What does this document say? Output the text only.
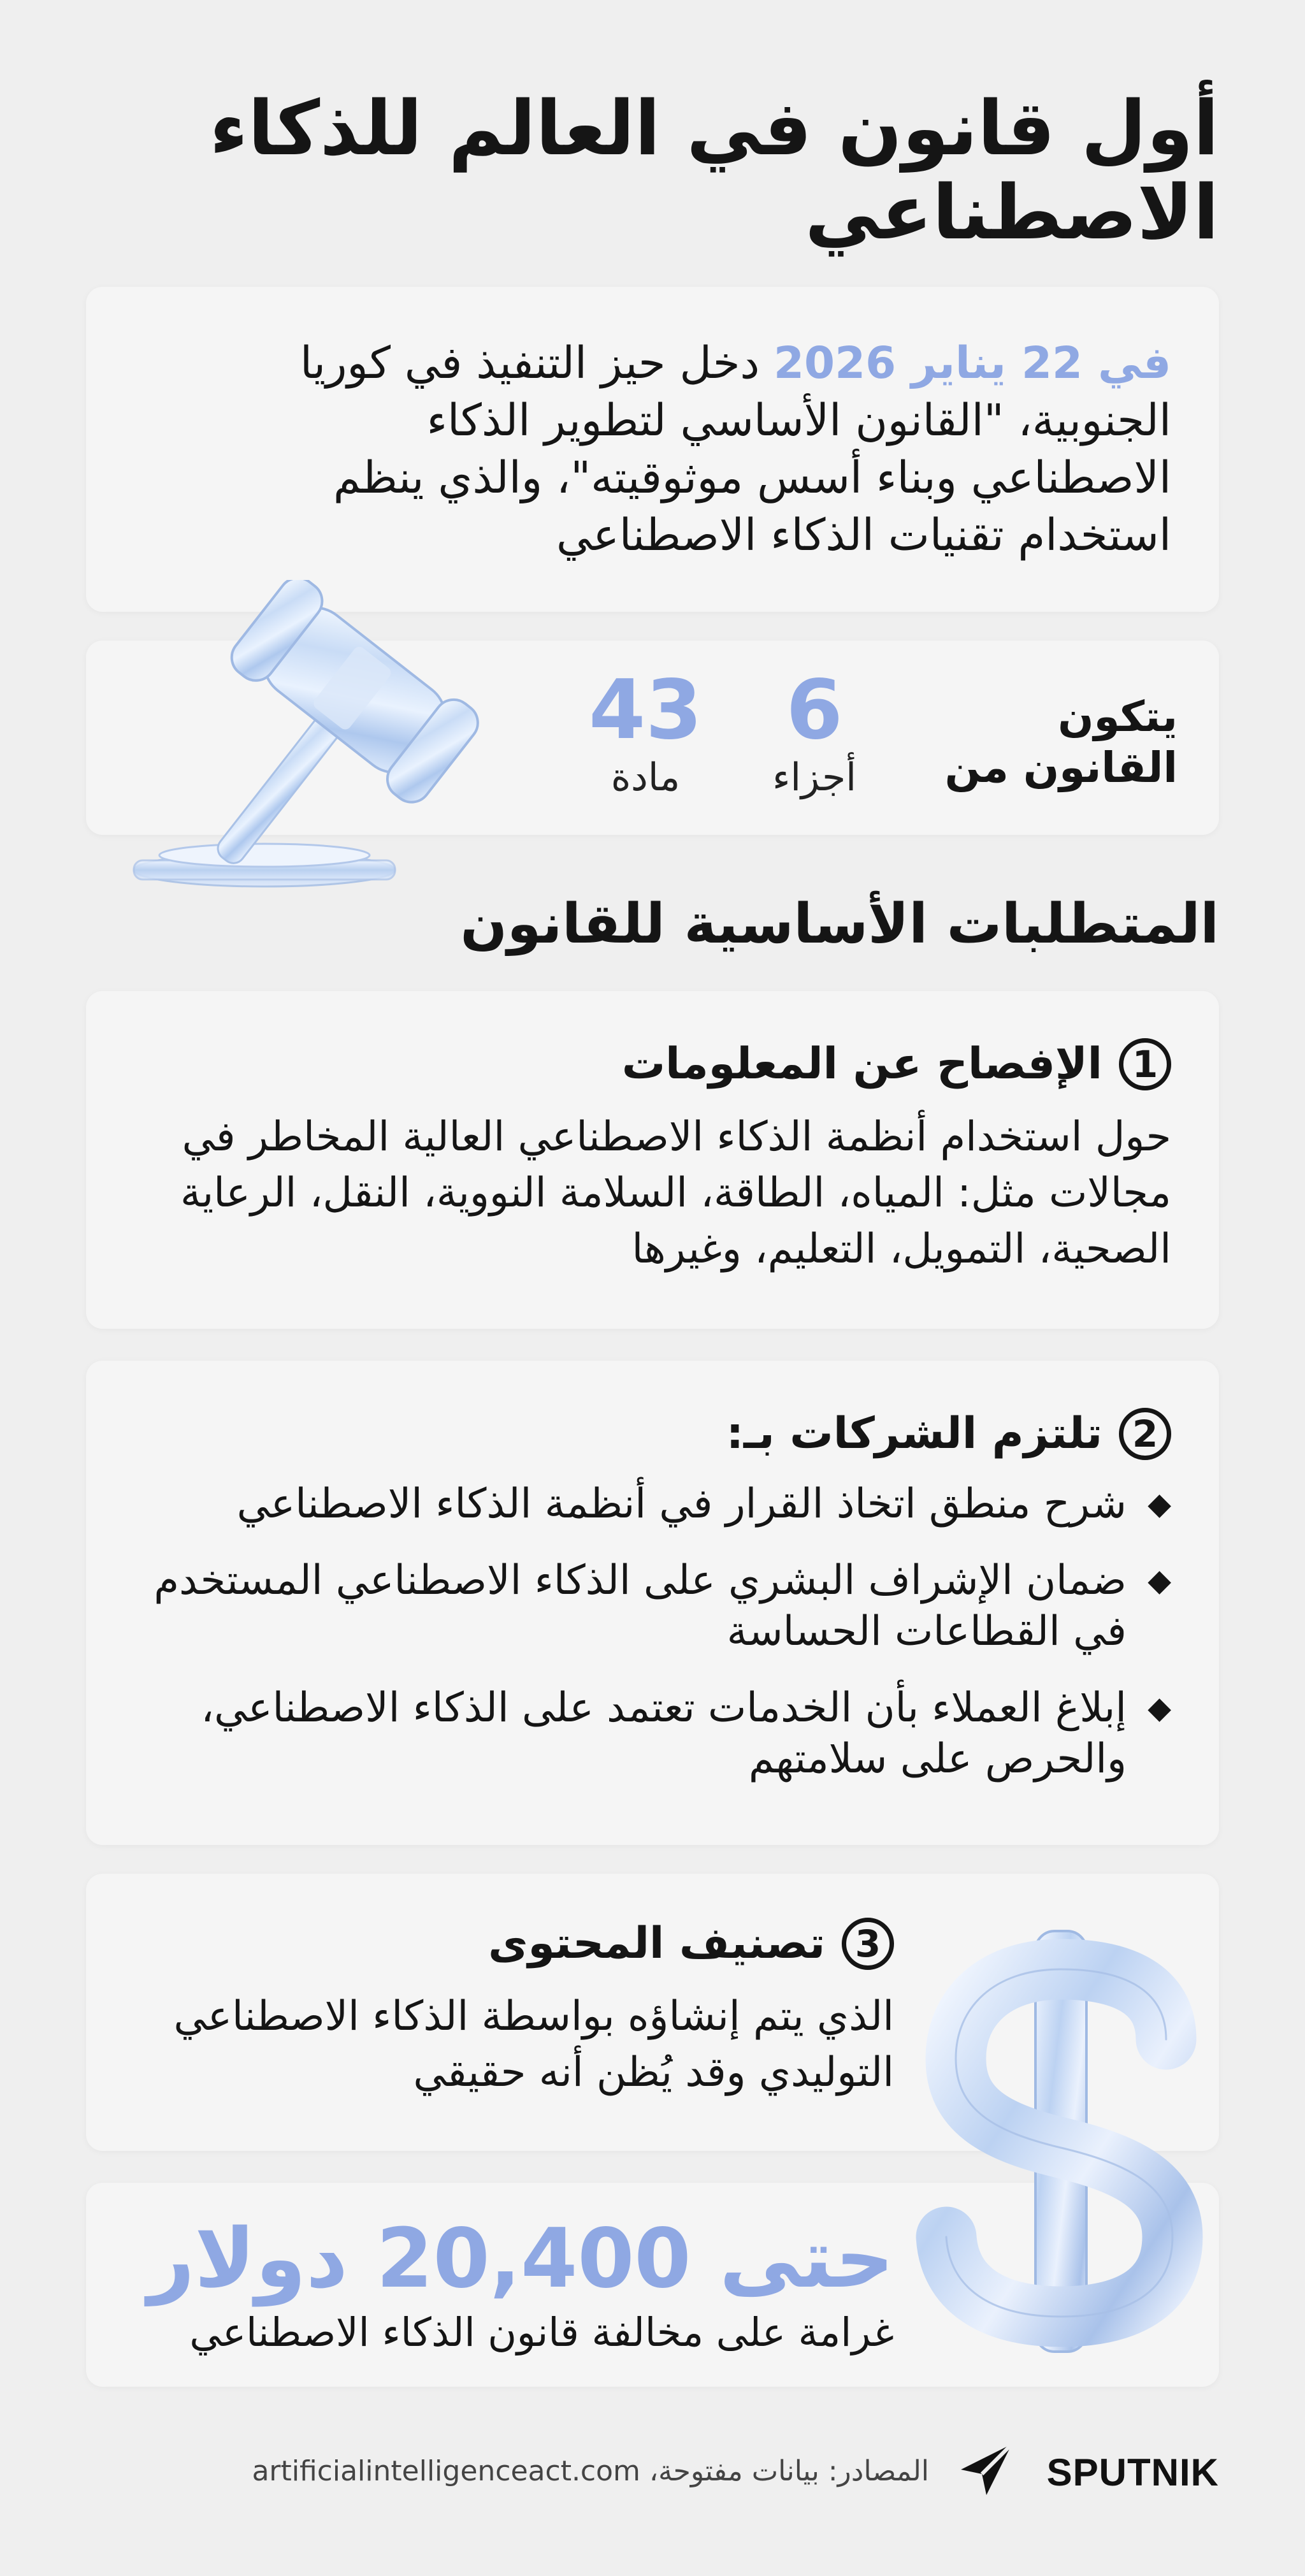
أول قانون في العالم للذكاء الاصطناعي

في 22 يناير 2026 دخل حيز التنفيذ في كوريا الجنوبية، "القانون الأساسي لتطوير الذكاء الاصطناعي وبناء أسس موثوقيته"، والذي ينظم استخدام تقنيات الذكاء الاصطناعي

يتكون القانون من

6
أجزاء
43
مادة
المتطلبات الأساسية للقانون
1
الإفصاح عن المعلومات

حول استخدام أنظمة الذكاء الاصطناعي العالية المخاطر في مجالات مثل: المياه، الطاقة، السلامة النووية، النقل، الرعاية الصحية، التمويل، التعليم، وغيرها

2
تلتزم الشركات بـ:
◆
شرح منطق اتخاذ القرار في أنظمة الذكاء الاصطناعي
◆
ضمان الإشراف البشري على الذكاء الاصطناعي المستخدم في القطاعات الحساسة
◆
إبلاغ العملاء بأن الخدمات تعتمد على الذكاء الاصطناعي، والحرص على سلامتهم
3
تصنيف المحتوى

الذي يتم إنشاؤه بواسطة الذكاء الاصطناعي التوليدي وقد يُظن أنه حقيقي

حتى 20,400 دولار

غرامة على مخالفة قانون الذكاء الاصطناعي

المصادر: بيانات مفتوحة، artificialintelligenceact.com	SPUTNIK
